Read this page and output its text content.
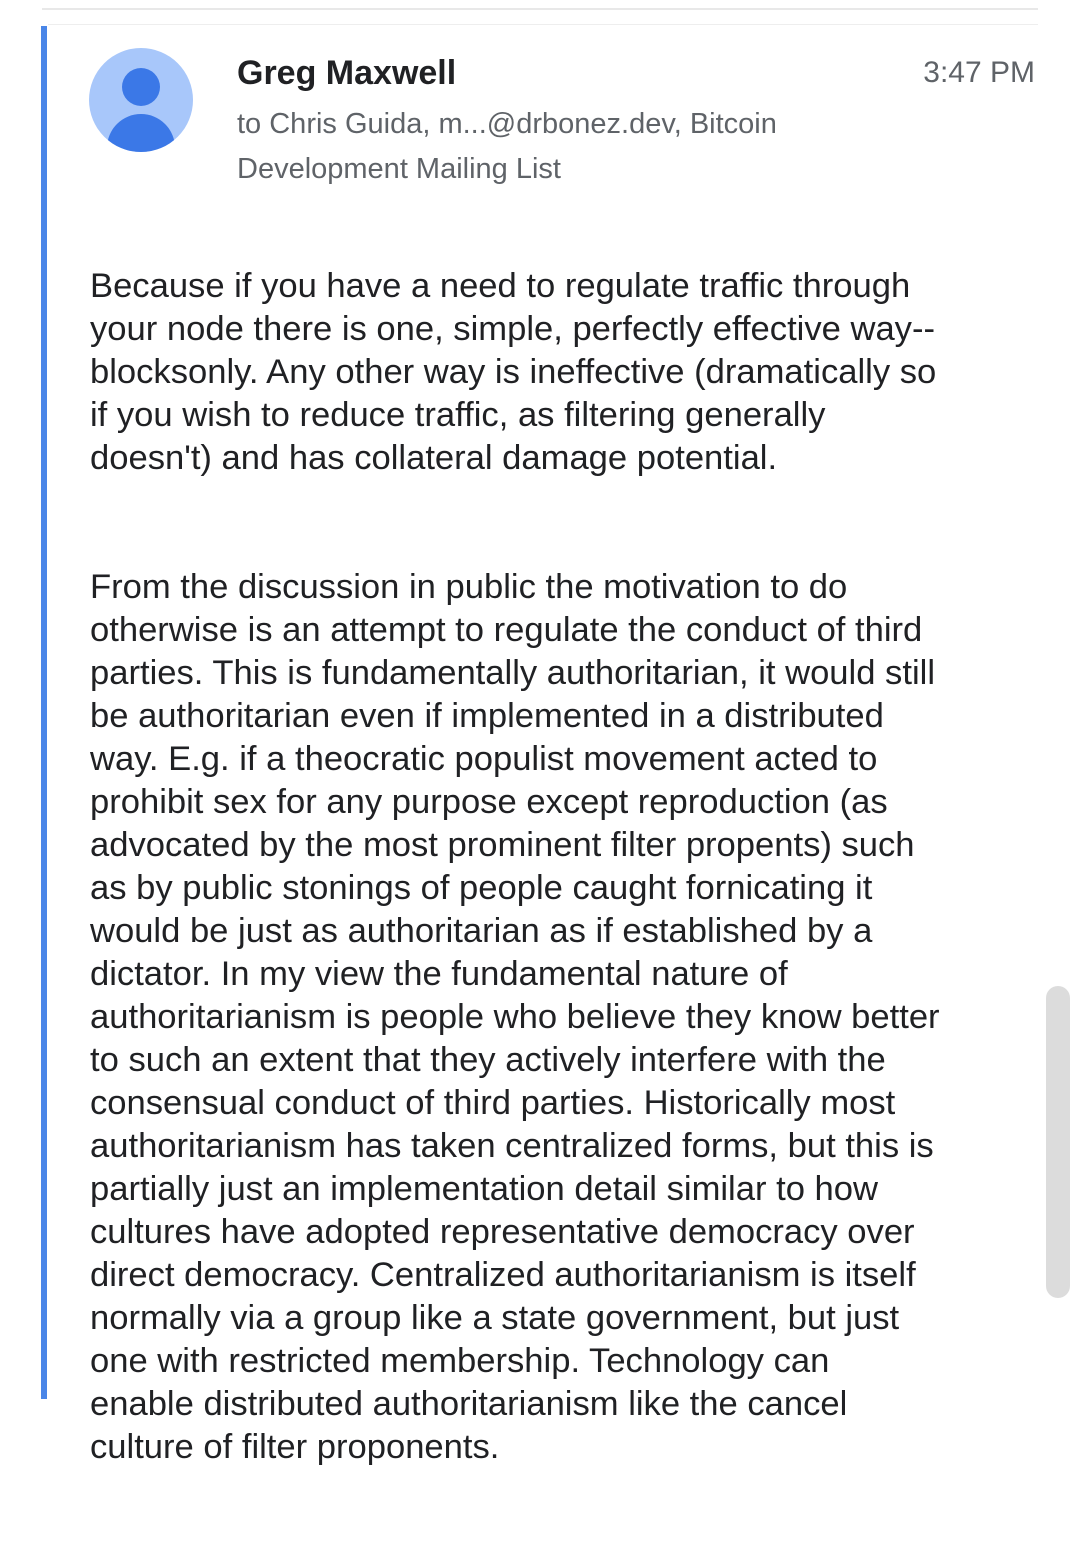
Greg Maxwell	3:47 PM
to Chris Guida, m...@drbonez.dev, Bitcoin Development Mailing List

Because if you have a need to regulate traffic through
your node there is one, simple, perfectly effective way--
blocksonly. Any other way is ineffective (dramatically so
if you wish to reduce traffic, as filtering generally
doesn't) and has collateral damage potential.

From the discussion in public the motivation to do
otherwise is an attempt to regulate the conduct of third
parties. This is fundamentally authoritarian, it would still
be authoritarian even if implemented in a distributed
way. E.g. if a theocratic populist movement acted to
prohibit sex for any purpose except reproduction (as
advocated by the most prominent filter propents) such
as by public stonings of people caught fornicating it
would be just as authoritarian as if established by a
dictator. In my view the fundamental nature of
authoritarianism is people who believe they know better
to such an extent that they actively interfere with the
consensual conduct of third parties. Historically most
authoritarianism has taken centralized forms, but this is
partially just an implementation detail similar to how
cultures have adopted representative democracy over
direct democracy. Centralized authoritarianism is itself
normally via a group like a state government, but just
one with restricted membership. Technology can
enable distributed authoritarianism like the cancel
culture of filter proponents.
